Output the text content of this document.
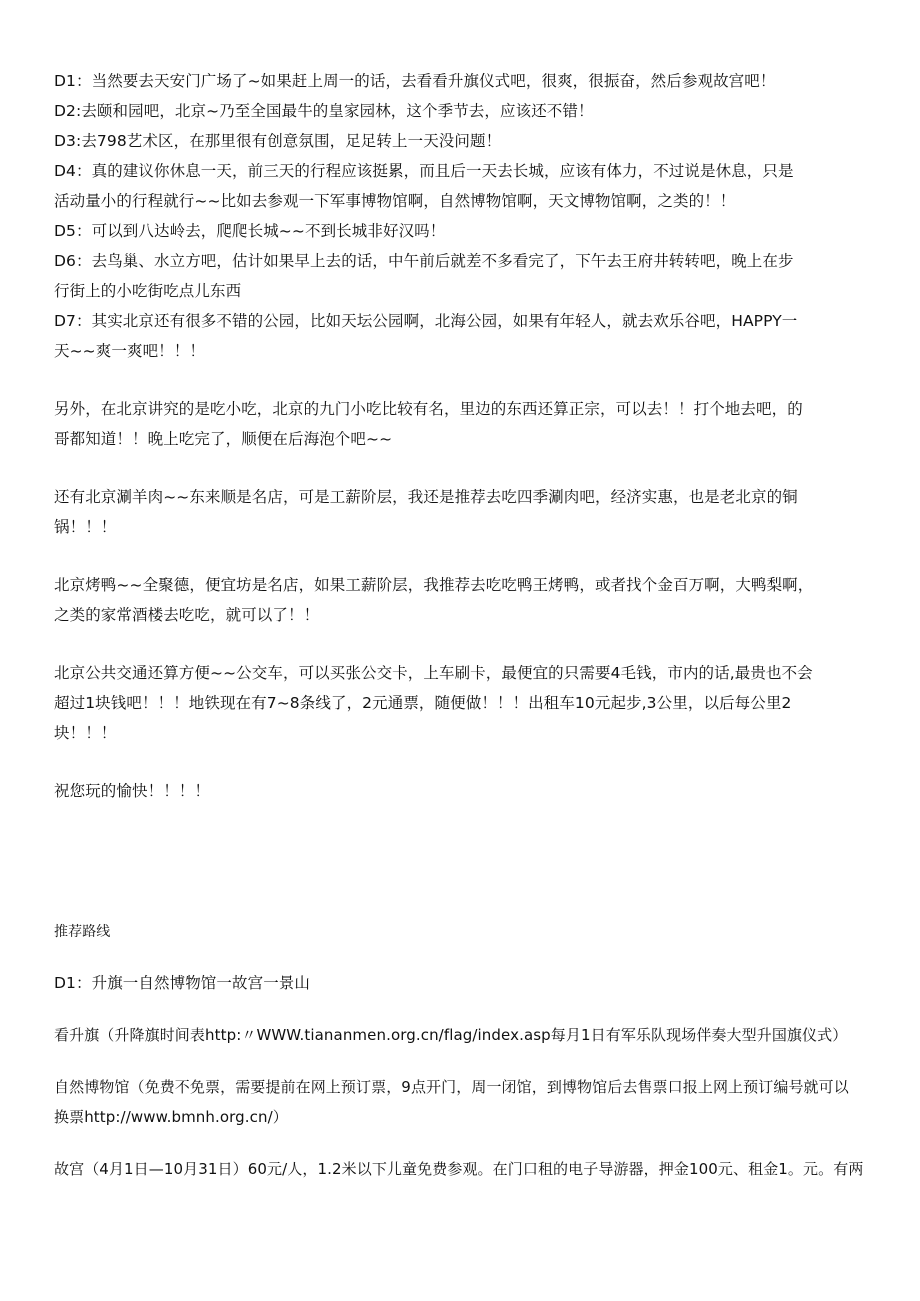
D1：当然要去天安门广场了~如果赶上周一的话，去看看升旗仪式吧，很爽，很振奋，然后参观故宫吧！
D2:去颐和园吧，北京~乃至全国最牛的皇家园林，这个季节去，应该还不错！
D3:去798艺术区，在那里很有创意氛围，足足转上一天没问题！
D4：真的建议你休息一天，前三天的行程应该挺累，而且后一天去长城，应该有体力，不过说是休息，只是
活动量小的行程就行~~比如去参观一下军事博物馆啊，自然博物馆啊，天文博物馆啊，之类的！！
D5：可以到八达岭去，爬爬长城~~不到长城非好汉吗！
D6：去鸟巢、水立方吧，估计如果早上去的话，中午前后就差不多看完了，下午去王府井转转吧，晚上在步
行街上的小吃街吃点儿东西
D7：其实北京还有很多不错的公园，比如天坛公园啊，北海公园，如果有年轻人，就去欢乐谷吧，HAPPY一
天~~爽一爽吧！！！
另外，在北京讲究的是吃小吃，北京的九门小吃比较有名，里边的东西还算正宗，可以去！！打个地去吧，的
哥都知道！！晚上吃完了，顺便在后海泡个吧~~
还有北京涮羊肉~~东来顺是名店，可是工薪阶层，我还是推荐去吃四季涮肉吧，经济实惠，也是老北京的铜
锅！！！
北京烤鸭~~全聚德，便宜坊是名店，如果工薪阶层，我推荐去吃吃鸭王烤鸭，或者找个金百万啊，大鸭梨啊，
之类的家常酒楼去吃吃，就可以了！！
北京公共交通还算方便~~公交车，可以买张公交卡，上车刷卡，最便宜的只需要4毛钱，市内的话,最贵也不会
超过1块钱吧！！！地铁现在有7~8条线了，2元通票，随便做！！！出租车10元起步,3公里，以后每公里2
块！！！
祝您玩的愉快！！！！
推荐路线
D1：升旗一自然博物馆一故宫一景山
看升旗（升降旗时间表http:〃WWW.tiananmen.org.cn/flag/index.asp每月1日有军乐队现场伴奏大型升国旗仪式）
自然博物馆（免费不免票，需要提前在网上预订票，9点开门，周一闭馆，到博物馆后去售票口报上网上预订编号就可以
换票http://www.bmnh.org.cn/）
故宫（4月1日—10月31日）60元/人，1.2米以下儿童免费参观。在门口租的电子导游器，押金100元、租金1。元。有两
